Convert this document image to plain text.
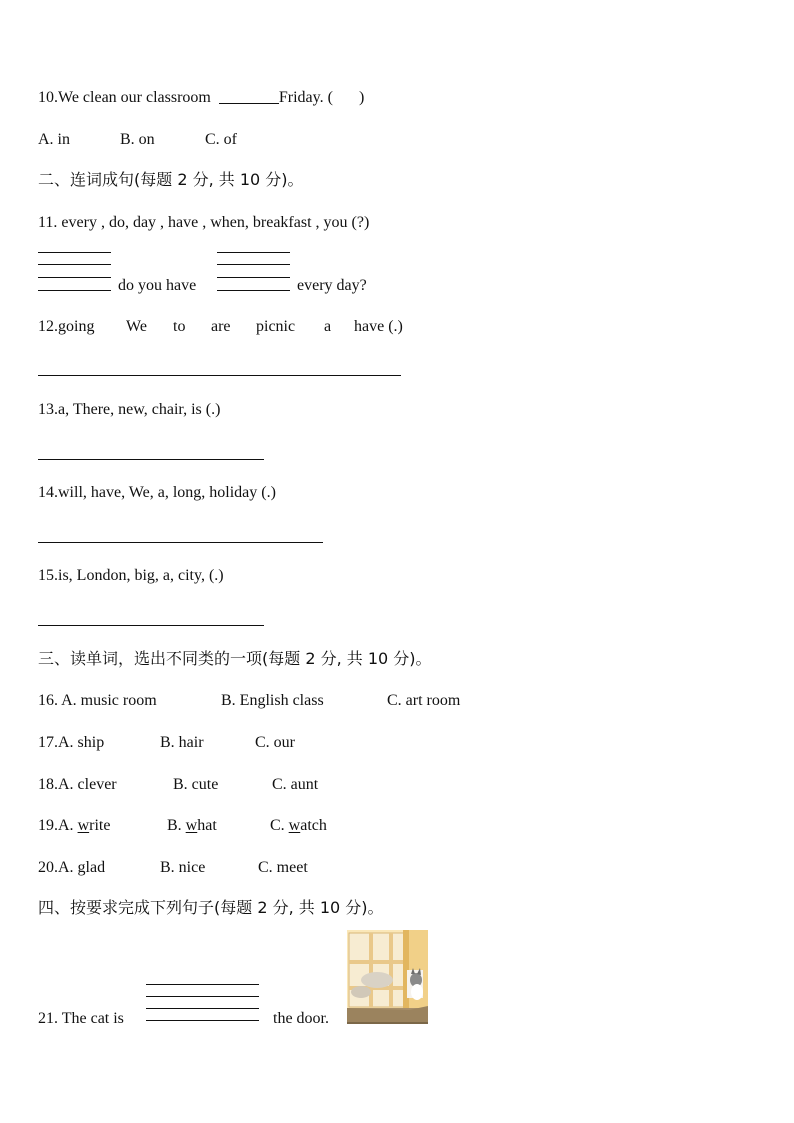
10.We clean our classroom	Friday. ( )
A. in	B. on	C. of
二、连词成句(每题 2 分, 共 10 分)。
11. every , do, day , have , when, breakfast , you (?)
do you have	every day?
12.going We to are picnic a have (.)
13.a, There, new, chair, is (.)
14.will, have, We, a, long, holiday (.)
15.is, London, big, a, city, (.)
三、读单词，选出不同类的一项(每题 2 分, 共 10 分)。
16. A. music room	B. English class	C. art room
17.A. ship	B. hair	C. our
18.A. clever	B. cute	C. aunt
19.A. write	B. what	C. watch
20.A. glad	B. nice	C. meet
四、按要求完成下列句子(每题 2 分, 共 10 分)。
21. The cat is	the door.
